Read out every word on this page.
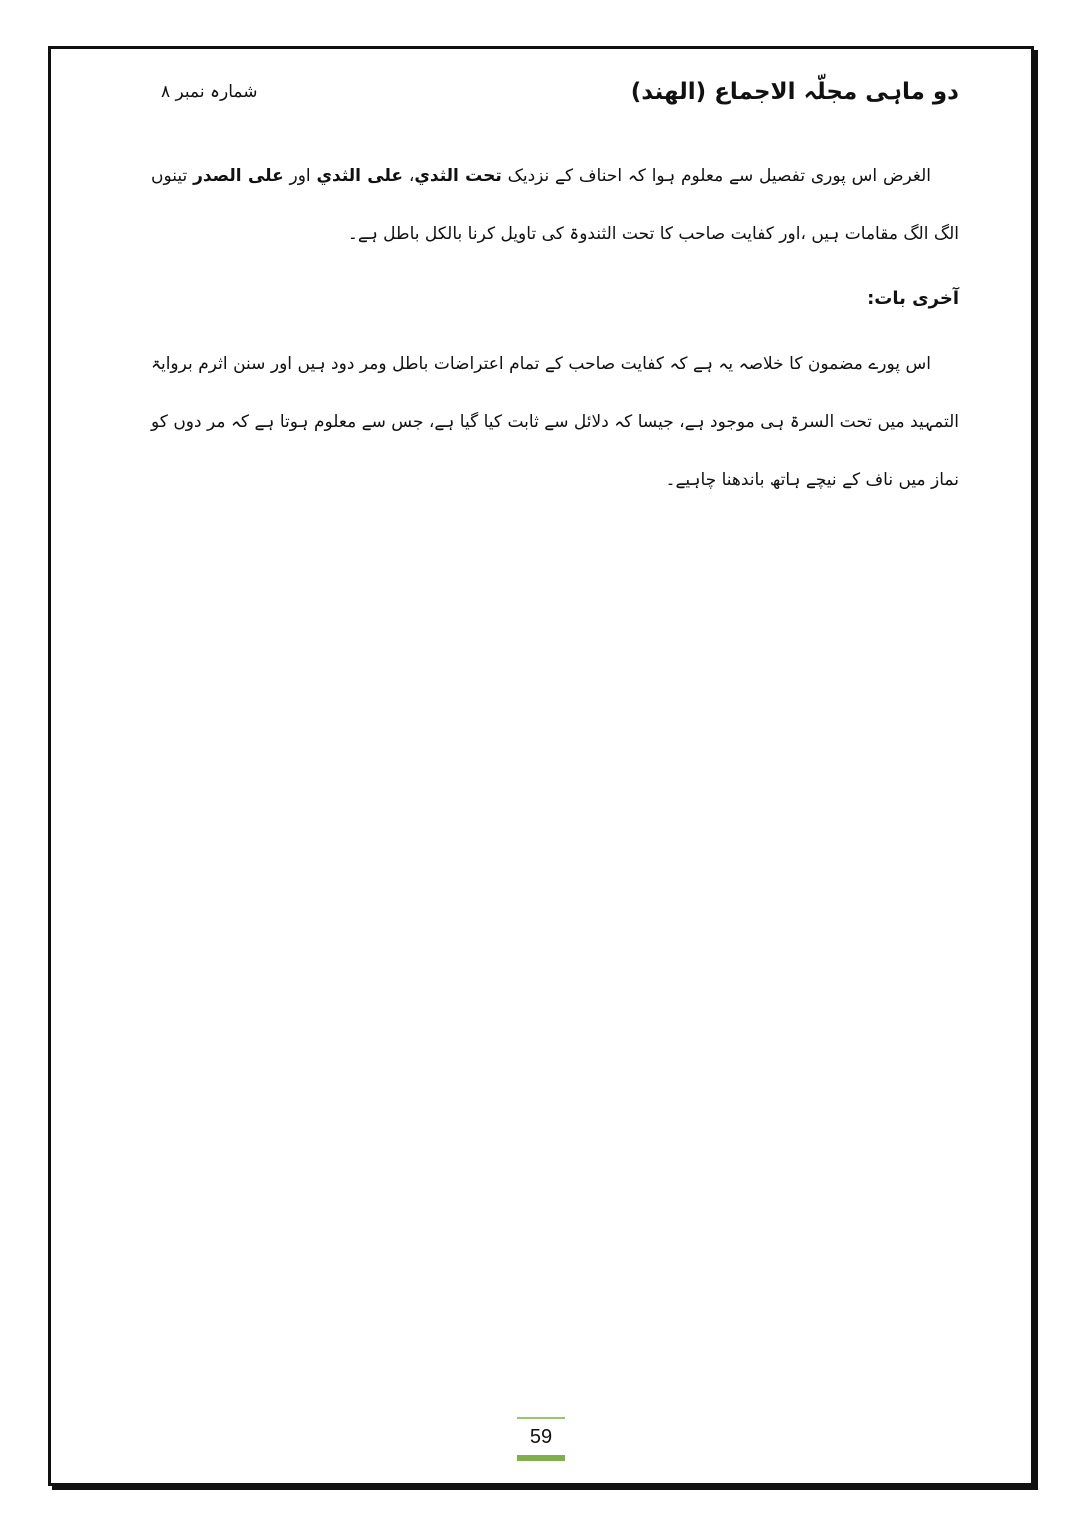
دو ماہی مجلّہ الاجماع (الھند)
شمارہ نمبر ۸

الغرض اس پوری تفصیل سے معلوم ہوا کہ احناف کے نزدیک تحت الثدي، علی الثدي اور علی الصدر تینوں الگ الگ مقامات ہیں ،اور کفایت صاحب کا تحت الثندوۃ کی تاویل کرنا بالکل باطل ہے۔

آخری بات:

اس پورے مضمون کا خلاصہ یہ ہے کہ کفایت صاحب کے تمام اعتراضات باطل ومر دود ہیں اور سنن اثرم بروایۃ التمہید میں تحت السرۃ ہی موجود ہے، جیسا کہ دلائل سے ثابت کیا گیا ہے، جس سے معلوم ہوتا ہے کہ مر دوں کو نماز میں ناف کے نیچے ہاتھ باندھنا چاہیے۔

59
